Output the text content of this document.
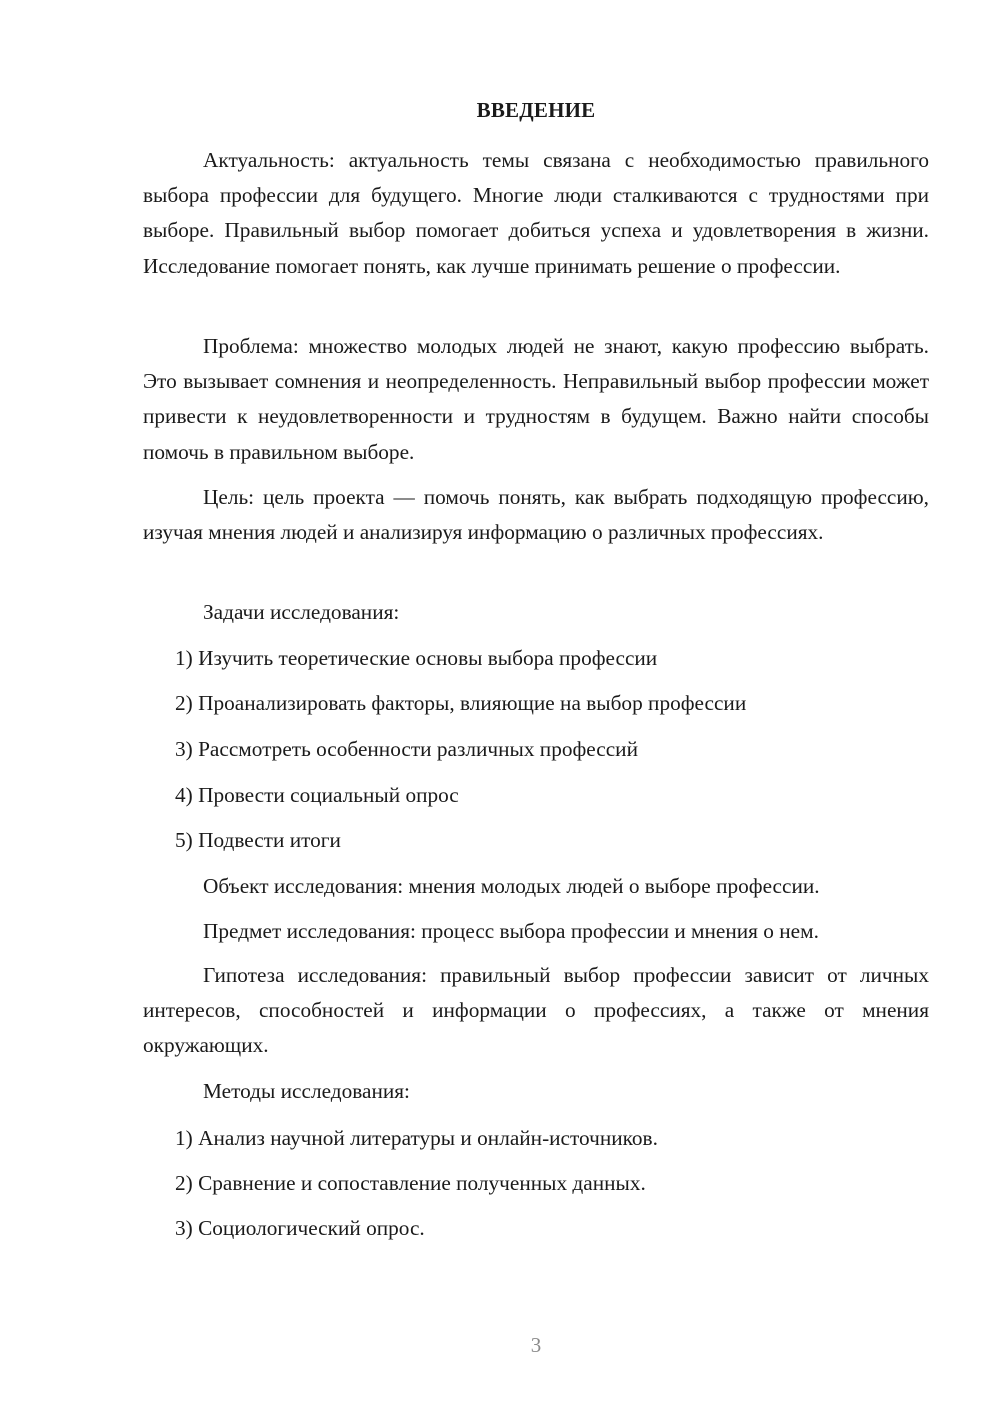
ВВЕДЕНИЕ

Актуальность: актуальность темы связана с необходимостью правильного выбора профессии для будущего. Многие люди сталкиваются с трудностями при выборе. Правильный выбор помогает добиться успеха и удовлетворения в жизни. Исследование помогает понять, как лучше принимать решение о профессии.

Проблема: множество молодых людей не знают, какую профессию выбрать. Это вызывает сомнения и неопределенность. Неправильный выбор профессии может привести к неудовлетворенности и трудностям в будущем. Важно найти способы помочь в правильном выборе.

Цель: цель проекта — помочь понять, как выбрать подходящую профессию, изучая мнения людей и анализируя информацию о различных профессиях.

Задачи исследования:
1) Изучить теоретические основы выбора профессии
2) Проанализировать факторы, влияющие на выбор профессии
3) Рассмотреть особенности различных профессий
4) Провести социальный опрос
5) Подвести итоги
Объект исследования: мнения молодых людей о выборе профессии.
Предмет исследования: процесс выбора профессии и мнения о нем.

Гипотеза исследования: правильный выбор профессии зависит от личных интересов, способностей и информации о профессиях, а также от мнения окружающих.

Методы исследования:
1) Анализ научной литературы и онлайн-источников.
2) Сравнение и сопоставление полученных данных.
3) Социологический опрос.
3
